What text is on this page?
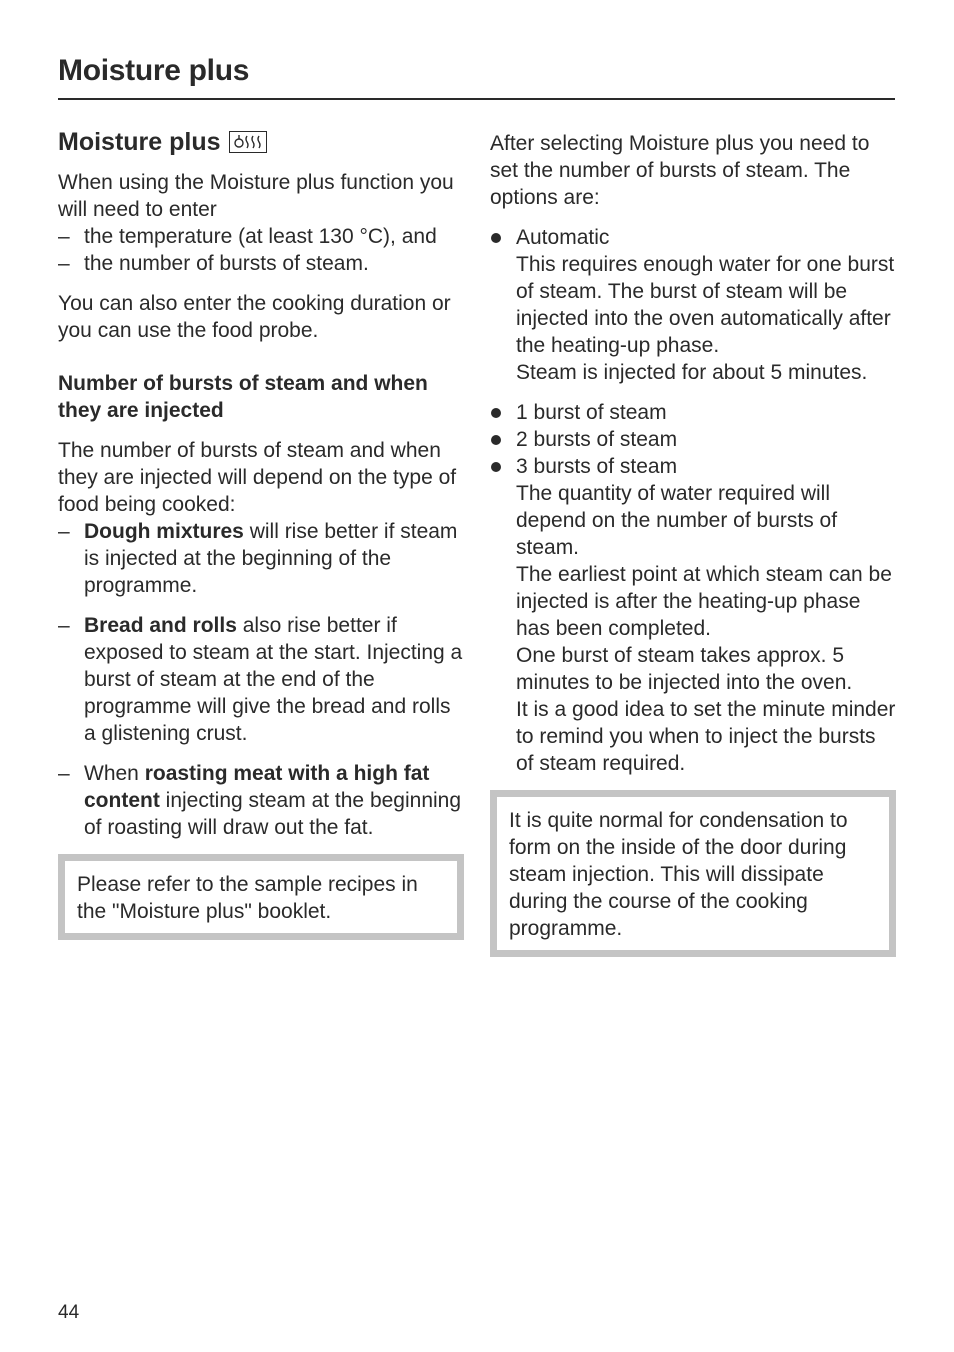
Moisture plus
Moisture plus

When using the Moisture plus function you will need to enter

– the temperature (at least 130 °C), and
– the number of bursts of steam.

You can also enter the cooking duration or you can use the food probe.

Number of bursts of steam and when they are injected

The number of bursts of steam and when they are injected will depend on the type of food being cooked:

– Dough mixtures will rise better if steam is injected at the beginning of the programme.
– Bread and rolls also rise better if exposed to steam at the start. Injecting a burst of steam at the end of the programme will give the bread and rolls a glistening crust.
– When roasting meat with a high fat content injecting steam at the beginning of roasting will draw out the fat.

Please refer to the sample recipes in the "Moisture plus" booklet.

After selecting Moisture plus you need to set the number of bursts of steam. The options are:

Automatic
This requires enough water for one burst of steam. The burst of steam will be injected into the oven automatically after the heating-up phase.
Steam is injected for about 5 minutes.
1 burst of steam
2 bursts of steam
3 bursts of steam
The quantity of water required will depend on the number of bursts of steam.
The earliest point at which steam can be injected is after the heating-up phase has been completed.
One burst of steam takes approx. 5 minutes to be injected into the oven.
It is a good idea to set the minute minder to remind you when to inject the bursts of steam required.

It is quite normal for condensation to form on the inside of the door during steam injection. This will dissipate during the course of the cooking programme.

44
